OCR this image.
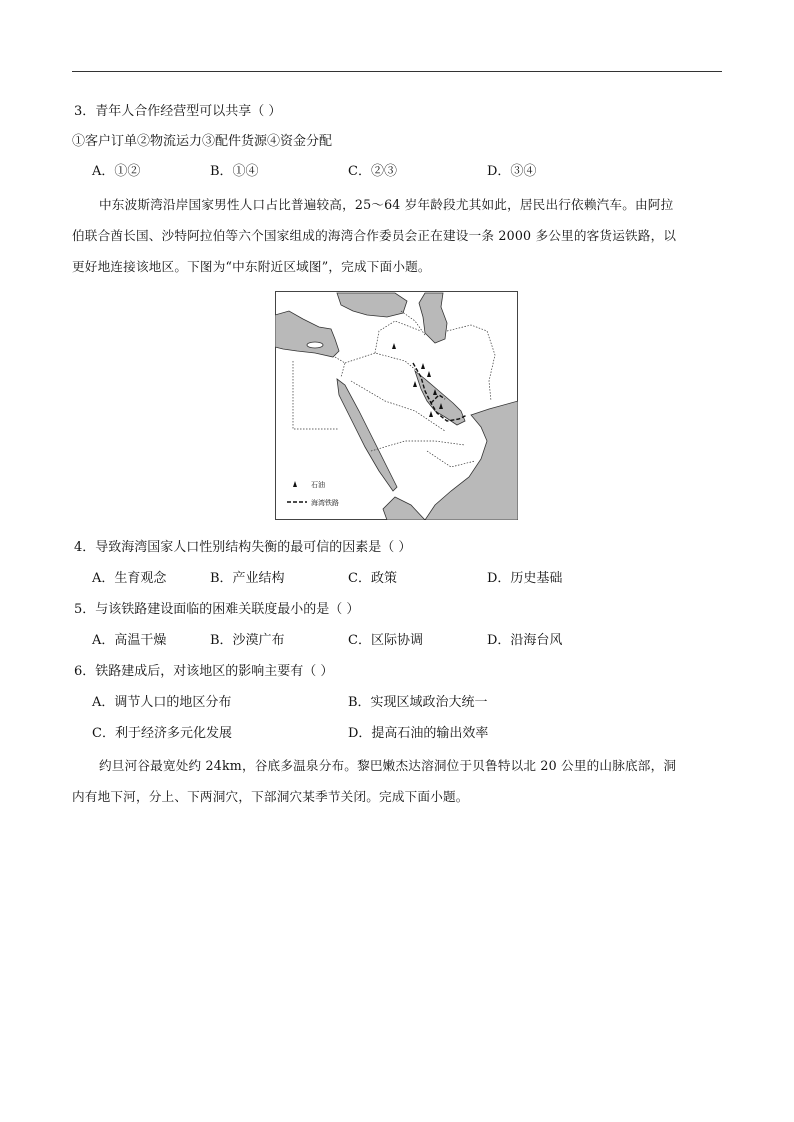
3．青年人合作经营型可以共享（ ）
①客户订单②物流运力③配件货源④资金分配
A．①②	B．①④	C．②③	D．③④
中东波斯湾沿岸国家男性人口占比普遍较高，25～64 岁年龄段尤其如此，居民出行依赖汽车。由阿拉
伯联合酋长国、沙特阿拉伯等六个国家组成的海湾合作委员会正在建设一条 2000 多公里的客货运铁路，以
更好地连接该地区。下图为“中东附近区域图”，完成下面小题。
石油
海湾铁路
4．导致海湾国家人口性别结构失衡的最可信的因素是（ ）
A．生育观念	B．产业结构	C．政策	D．历史基础
5．与该铁路建设面临的困难关联度最小的是（ ）
A．高温干燥	B．沙漠广布	C．区际协调	D．沿海台风
6．铁路建成后，对该地区的影响主要有（ ）
A．调节人口的地区分布	B．实现区域政治大统一
C．利于经济多元化发展	D．提高石油的输出效率
约旦河谷最宽处约 24km，谷底多温泉分布。黎巴嫩杰达溶洞位于贝鲁特以北 20 公里的山脉底部，洞
内有地下河，分上、下两洞穴，下部洞穴某季节关闭。完成下面小题。
